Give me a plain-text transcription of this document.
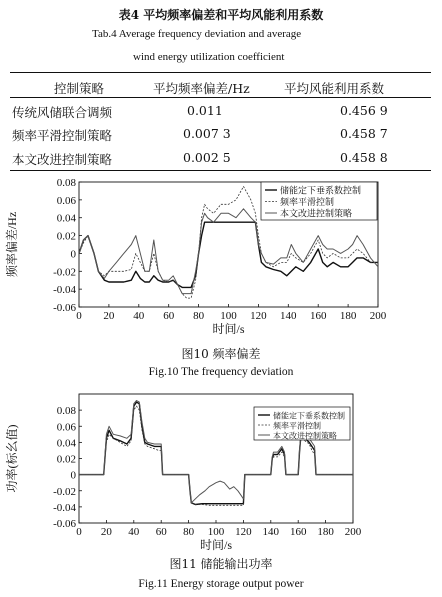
表4 平均频率偏差和平均风能利用系数
Tab.4 Average frequency deviation and average
wind energy utilization coefficient
控制策略	平均频率偏差/Hz	平均风能利用系数
传统风储联合调频	0.011	0.456 9
频率平滑控制策略	0.007 3	0.458 7
本文改进控制策略	0.002 5	0.458 8
0 20 40 60 80 100 120 140 160 180 200
-0.06
-0.04
-0.02
0
0.02
0.04
0.06
0.08
时间/s
频率偏差/Hz
储能定下垂系数控制
频率平滑控制
本文改进控制策略
图10 频率偏差
Fig.10 The frequency deviation
0 20 40 60 80 100 120 140 160 180 200
-0.06
-0.04
-0.02
0
0.02
0.04
0.06
0.08
时间/s
功率(标幺值)
储能定下垂系数控制
频率平滑控制
本文改进控制策略
图11 储能输出功率
Fig.11 Energy storage output power
